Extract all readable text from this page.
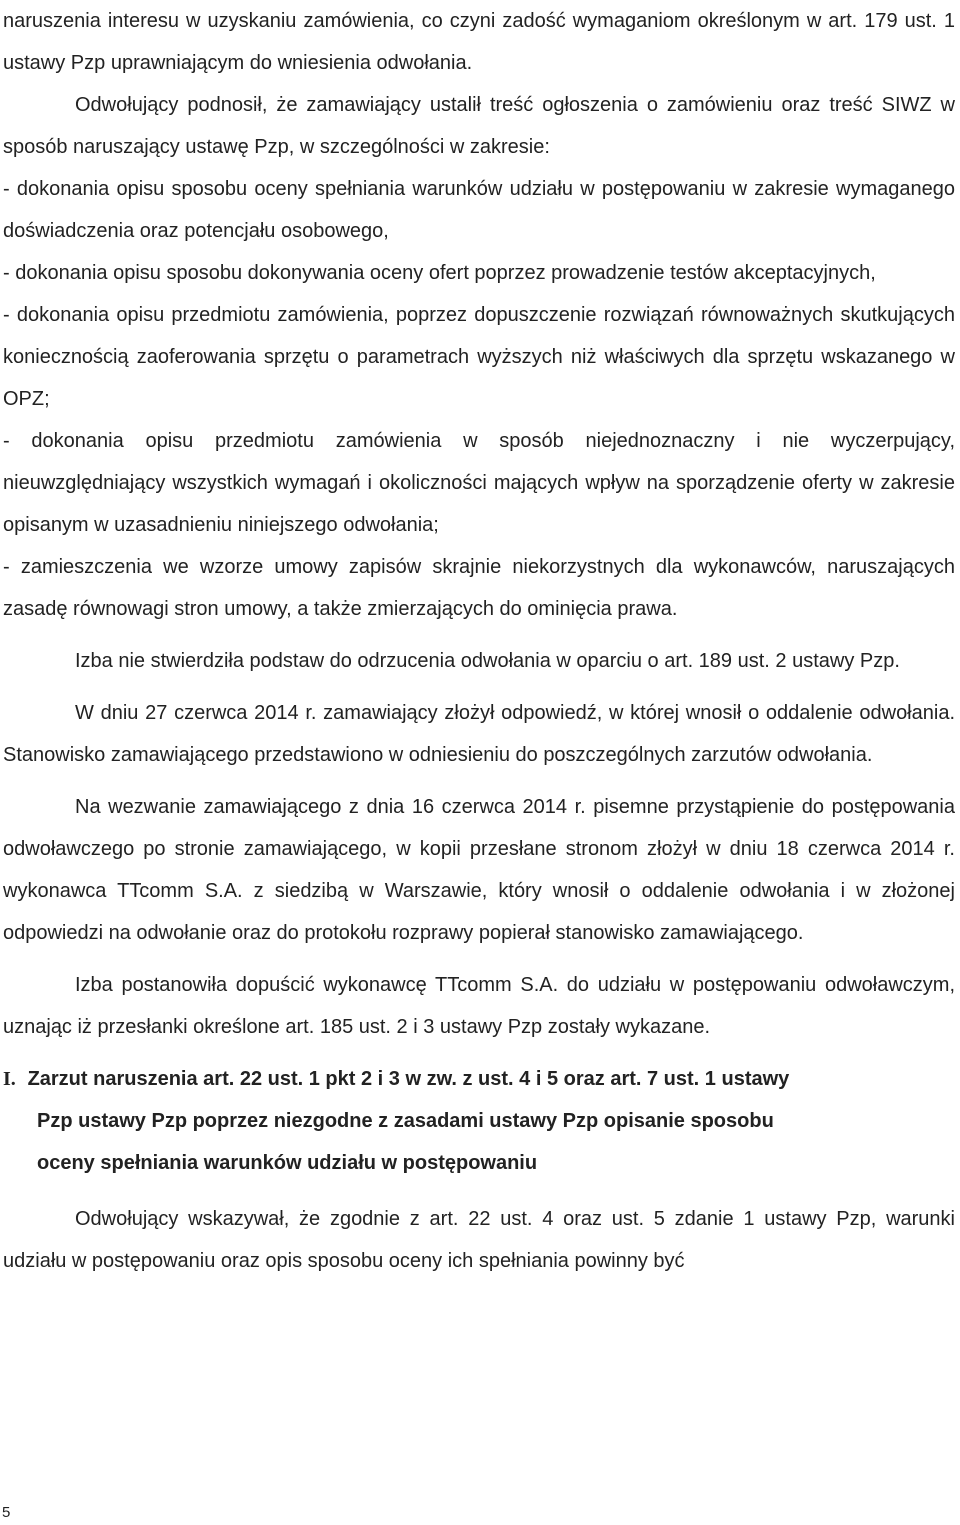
naruszenia interesu w uzyskaniu zamówienia, co czyni zadość wymaganiom określonym w art. 179 ust. 1 ustawy Pzp uprawniającym do wniesienia odwołania.

Odwołujący podnosił, że zamawiający ustalił treść ogłoszenia o zamówieniu oraz treść SIWZ w sposób naruszający ustawę Pzp, w szczególności w zakresie:

- dokonania opisu sposobu oceny spełniania warunków udziału w postępowaniu w zakresie wymaganego doświadczenia oraz potencjału osobowego,

- dokonania opisu sposobu dokonywania oceny ofert poprzez prowadzenie testów akceptacyjnych,

- dokonania opisu przedmiotu zamówienia, poprzez dopuszczenie rozwiązań równoważnych skutkujących koniecznością zaoferowania sprzętu o parametrach wyższych niż właściwych dla sprzętu wskazanego w OPZ;

- dokonania opisu przedmiotu zamówienia w sposób niejednoznaczny i nie wyczerpujący, nieuwzględniający wszystkich wymagań i okoliczności mających wpływ na sporządzenie oferty w zakresie opisanym w uzasadnieniu niniejszego odwołania;

- zamieszczenia we wzorze umowy zapisów skrajnie niekorzystnych dla wykonawców, naruszających zasadę równowagi stron umowy, a także zmierzających do ominięcia prawa.

Izba nie stwierdziła podstaw do odrzucenia odwołania w oparciu o art. 189 ust. 2 ustawy Pzp.

W dniu 27 czerwca 2014 r. zamawiający złożył odpowiedź, w której wnosił o oddalenie odwołania. Stanowisko zamawiającego przedstawiono w odniesieniu do poszczególnych zarzutów odwołania.

Na wezwanie zamawiającego z dnia 16 czerwca 2014 r. pisemne przystąpienie do postępowania odwoławczego po stronie zamawiającego, w kopii przesłane stronom złożył w dniu 18 czerwca 2014 r. wykonawca TTcomm S.A. z siedzibą w Warszawie, który wnosił o oddalenie odwołania i w złożonej odpowiedzi na odwołanie oraz do protokołu rozprawy popierał stanowisko zamawiającego.

Izba postanowiła dopuścić wykonawcę TTcomm S.A. do udziału w postępowaniu odwoławczym, uznając iż przesłanki określone art. 185 ust. 2 i 3 ustawy Pzp zostały wykazane.

I. Zarzut naruszenia art. 22 ust. 1 pkt 2 i 3 w zw. z ust. 4 i 5 oraz art. 7 ust. 1 ustawy
Pzp ustawy Pzp poprzez niezgodne z zasadami ustawy Pzp opisanie sposobu
oceny spełniania warunków udziału w postępowaniu

Odwołujący wskazywał, że zgodnie z art. 22 ust. 4 oraz ust. 5 zdanie 1 ustawy Pzp, warunki udziału w postępowaniu oraz opis sposobu oceny ich spełniania powinny być

5
